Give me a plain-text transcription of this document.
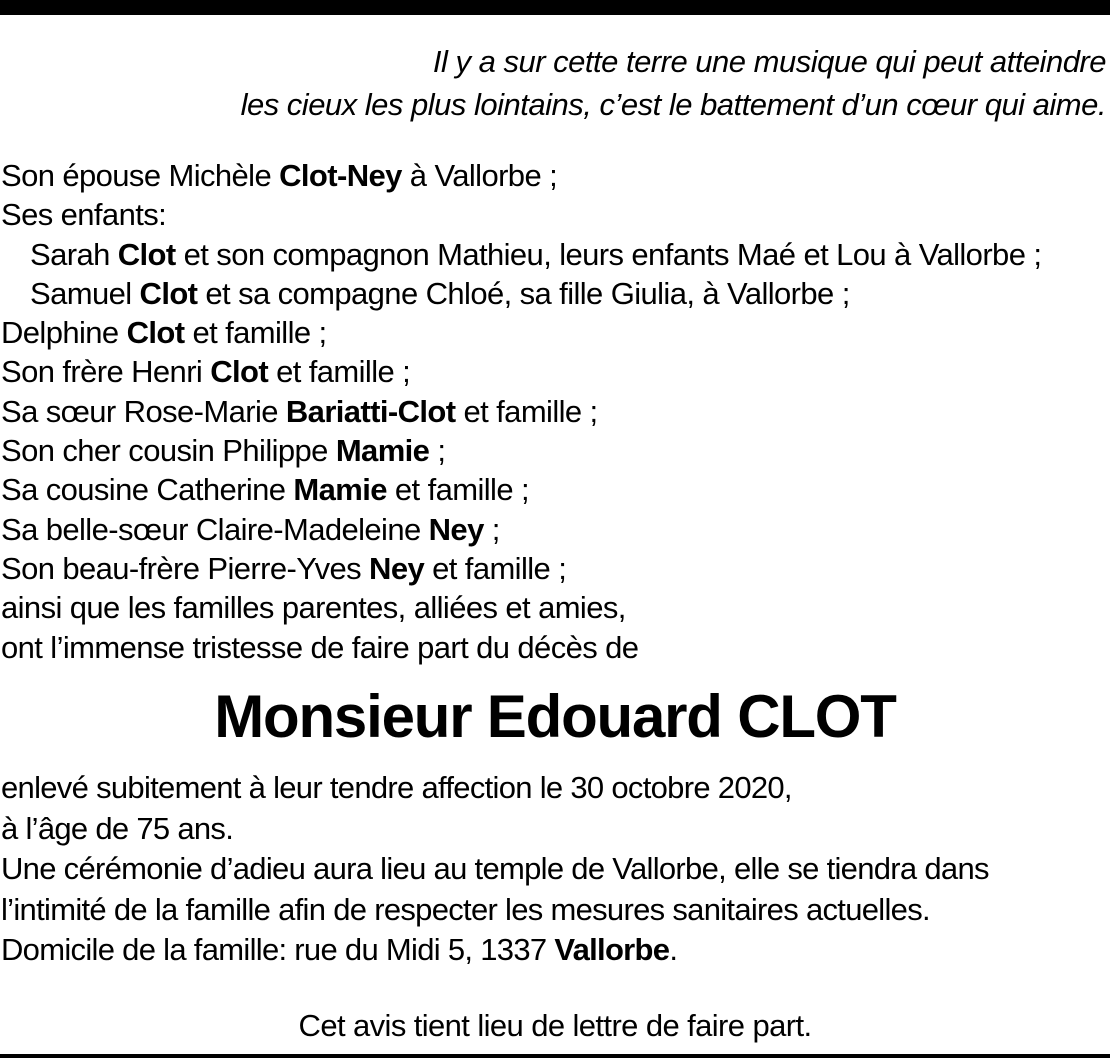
Il y a sur cette terre une musique qui peut atteindre
les cieux les plus lointains, c’est le battement d’un cœur qui aime.
Son épouse Michèle Clot-Ney à Vallorbe ;
Ses enfants:
Sarah Clot et son compagnon Mathieu, leurs enfants Maé et Lou à Vallorbe ;
Samuel Clot et sa compagne Chloé, sa fille Giulia, à Vallorbe ;
Delphine Clot et famille ;
Son frère Henri Clot et famille ;
Sa sœur Rose-Marie Bariatti-Clot et famille ;
Son cher cousin Philippe Mamie ;
Sa cousine Catherine Mamie et famille ;
Sa belle-sœur Claire-Madeleine Ney ;
Son beau-frère Pierre-Yves Ney et famille ;
ainsi que les familles parentes, alliées et amies,
ont l’immense tristesse de faire part du décès de
Monsieur Edouard CLOT
enlevé subitement à leur tendre affection le 30 octobre 2020,
à l’âge de 75 ans.
Une cérémonie d’adieu aura lieu au temple de Vallorbe, elle se tiendra dans
l’intimité de la famille afin de respecter les mesures sanitaires actuelles.
Domicile de la famille: rue du Midi 5, 1337 Vallorbe.
Cet avis tient lieu de lettre de faire part.
